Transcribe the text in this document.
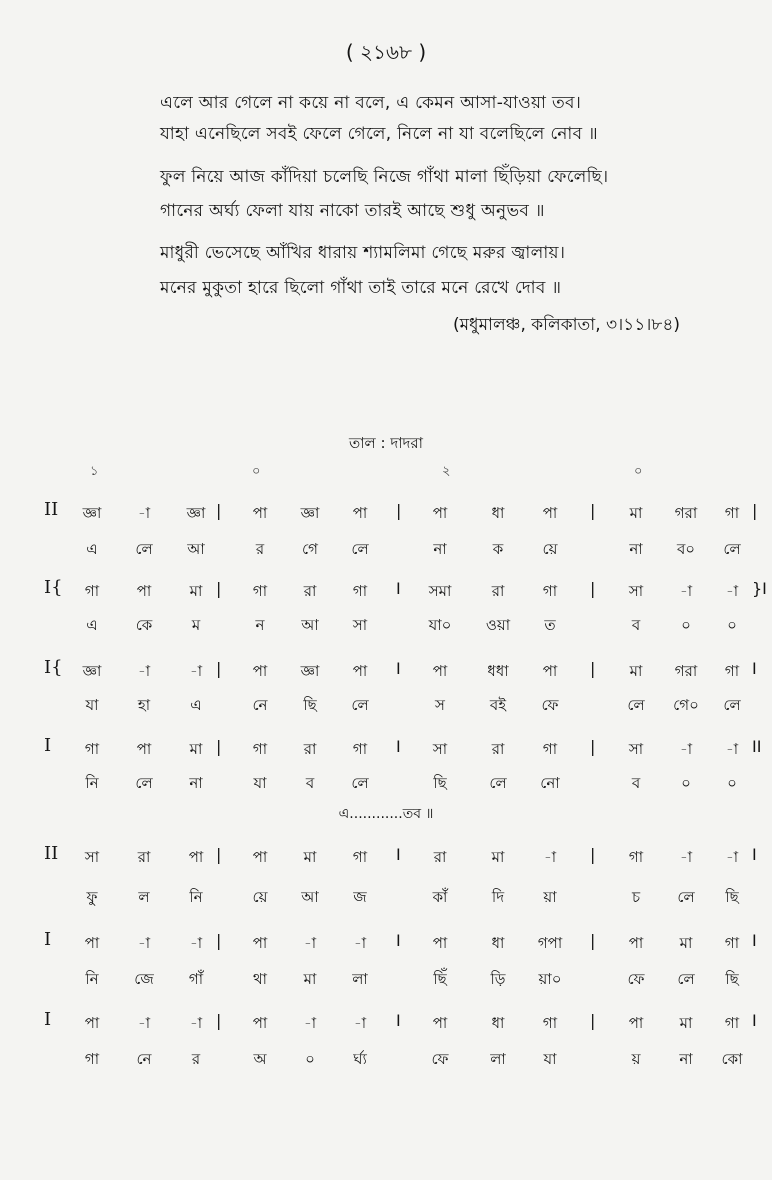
( ২১৬৮ )
এলে আর গেলে না কয়ে না বলে, এ কেমন আসা-যাওয়া তব।
যাহা এনেছিলে সবই ফেলে গেলে, নিলে না যা বলেছিলে নোব ॥
ফুল নিয়ে আজ কাঁদিয়া চলেছি নিজে গাঁথা মালা ছিঁড়িয়া ফেলেছি।
গানের অর্ঘ্য ফেলা যায় নাকো তারই আছে শুধু অনুভব ॥
মাধুরী ভেসেছে আঁখির ধারায় শ্যামলিমা গেছে মরুর জ্বালায়।
মনের মুকুতা হারে ছিলো গাঁথা তাই তারে মনে রেখে দোব ॥
(মধুমালঞ্চ, কলিকাতা, ৩।১১।৮৪)
তাল : দাদরা
১	০	২	০
II	জ্ঞা	-া	জ্ঞা |	পা	জ্ঞা	পা	|	পা	ধা	পা	|	মা	গরা	গা |
এ	লে	আ	র	গে	লে	না	ক	য়ে	না	ব০	লে
I{	গা	পা	মা |	গা	রা	গা	I	সমা	রা	গা	|	সা	-া	-া }I
এ	কে	ম	ন	আ	সা	যা০	ওয়া	ত	ব	০	০
I{	জ্ঞা	-া	-া |	পা	জ্ঞা	পা	I	পা	ধধা	পা	|	মা	গরা	গা I
যা	হা	এ	নে	ছি	লে	স	বই	ফে	লে	গে০	লে
I	গা	পা	মা |	গা	রা	গা	I	সা	রা	গা	|	সা	-া	-া II
নি	লে	না	যা	ব	লে	ছি	লে	নো	ব	০	০
II	সা	রা	পা |	পা	মা	গা	I	রা	মা	-া	|	গা	-া	-া I
ফু	ল	নি	য়ে	আ	জ	কাঁ	দি	য়া	চ	লে	ছি
I	পা	-া	-া |	পা	-া	-া	I	পা	ধা	গপা	|	পা	মা	গা I
নি	জে	গাঁ	থা	মা	লা	ছিঁ	ড়ি	য়া০	ফে	লে	ছি
I	পা	-া	-া |	পা	-া	-া	I	পা	ধা	গা	|	পা	মা	গা I
গা	নে	র	অ	০	র্ঘ্য	ফে	লা	যা	য়	না	কো
এ............তব ॥
